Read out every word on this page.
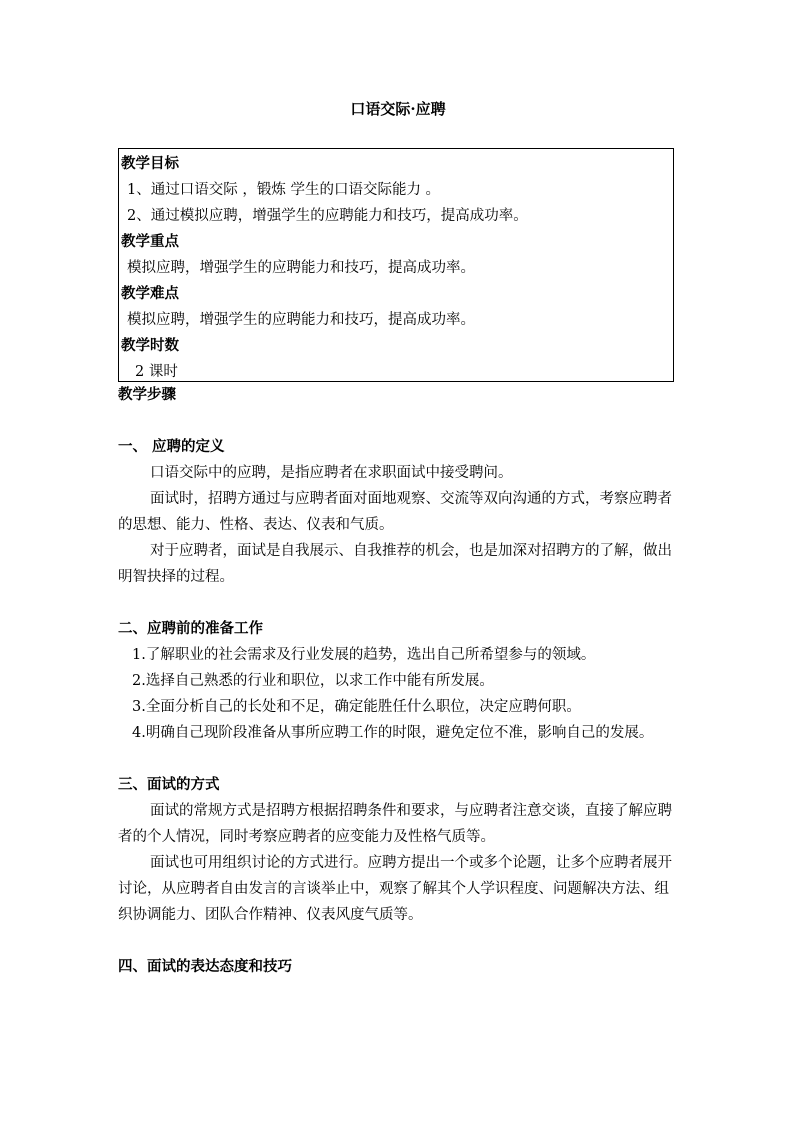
口语交际·应聘
教学目标
1、通过口语交际 ，锻炼 学生的口语交际能力 。
2、通过模拟应聘，增强学生的应聘能力和技巧，提高成功率。
教学重点
模拟应聘，增强学生的应聘能力和技巧，提高成功率。
教学难点
模拟应聘，增强学生的应聘能力和技巧，提高成功率。
教学时数
2 课时
教学步骤
一、 应聘的定义
口语交际中的应聘，是指应聘者在求职面试中接受聘问。
面试时，招聘方通过与应聘者面对面地观察、交流等双向沟通的方式，考察应聘者的思想、能力、性格、表达、仪表和气质。
对于应聘者，面试是自我展示、自我推荐的机会，也是加深对招聘方的了解，做出明智抉择的过程。
二、应聘前的准备工作
1.了解职业的社会需求及行业发展的趋势，选出自己所希望参与的领域。
2.选择自己熟悉的行业和职位，以求工作中能有所发展。
3.全面分析自己的长处和不足，确定能胜任什么职位，决定应聘何职。
4.明确自己现阶段准备从事所应聘工作的时限，避免定位不准，影响自己的发展。
三、面试的方式
面试的常规方式是招聘方根据招聘条件和要求，与应聘者注意交谈，直接了解应聘者的个人情况，同时考察应聘者的应变能力及性格气质等。
面试也可用组织讨论的方式进行。应聘方提出一个或多个论题，让多个应聘者展开讨论，从应聘者自由发言的言谈举止中，观察了解其个人学识程度、问题解决方法、组织协调能力、团队合作精神、仪表风度气质等。
四、面试的表达态度和技巧
